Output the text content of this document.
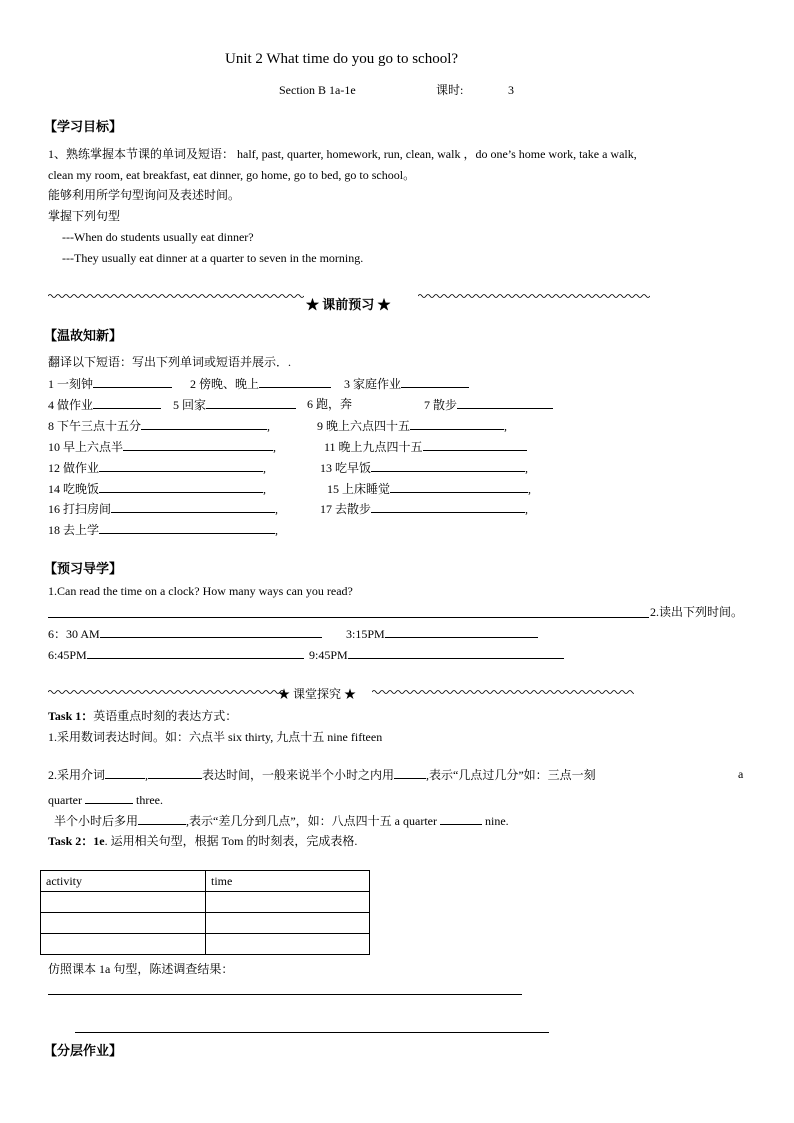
Unit 2 What time do you go to school?
Section B 1a-1e	课时:	3
【学习目标】
1、熟练掌握本节课的单词及短语： half, past, quarter, homework, run, clean, walk ，do one’s home work, take a walk,
clean my room, eat breakfast, eat dinner, go home, go to bed, go to school。
能够利用所学句型询问及表述时间。
掌握下列句型
---When do students usually eat dinner?
---They usually eat dinner at a quarter to seven in the morning.
★ 课前预习 ★
【温故知新】
翻译以下短语：写出下列单词或短语并展示．.
1 一刻钟	2 傍晚、晚上	3 家庭作业
4 做作业	5 回家	6 跑，奔	7 散步
8 下午三点十五分	,	9 晚上六点四十五	,
10 早上六点半	,	11 晚上九点四十五
12 做作业	,	13 吃早饭	,
14 吃晚饭	,	15 上床睡觉	,
16 打扫房间	,	17 去散步	,
18 去上学	,
【预习导学】
1.Can read the time on a clock? How many ways can you read?
2.读出下列时间。
6：30 AM	3:15PM
6:45PM	9:45PM
★ 课堂探究 ★
Task 1：英语重点时刻的表达方式：
1.采用数词表达时间。如：六点半 six thirty, 九点十五 nine fifteen
2.采用介词	,	表达时间，一般来说半个小时之内用	,表示“几点过几分”如：三点一刻	a
quarter	three.
半个小时后多用	,表示“差几分到几点”，如：八点四十五 a quarter	nine.
Task 2：1e. 运用相关句型，根据 Tom 的时刻表，完成表格.
activity	time

仿照课本 1a 句型，陈述调查结果：
【分层作业】
